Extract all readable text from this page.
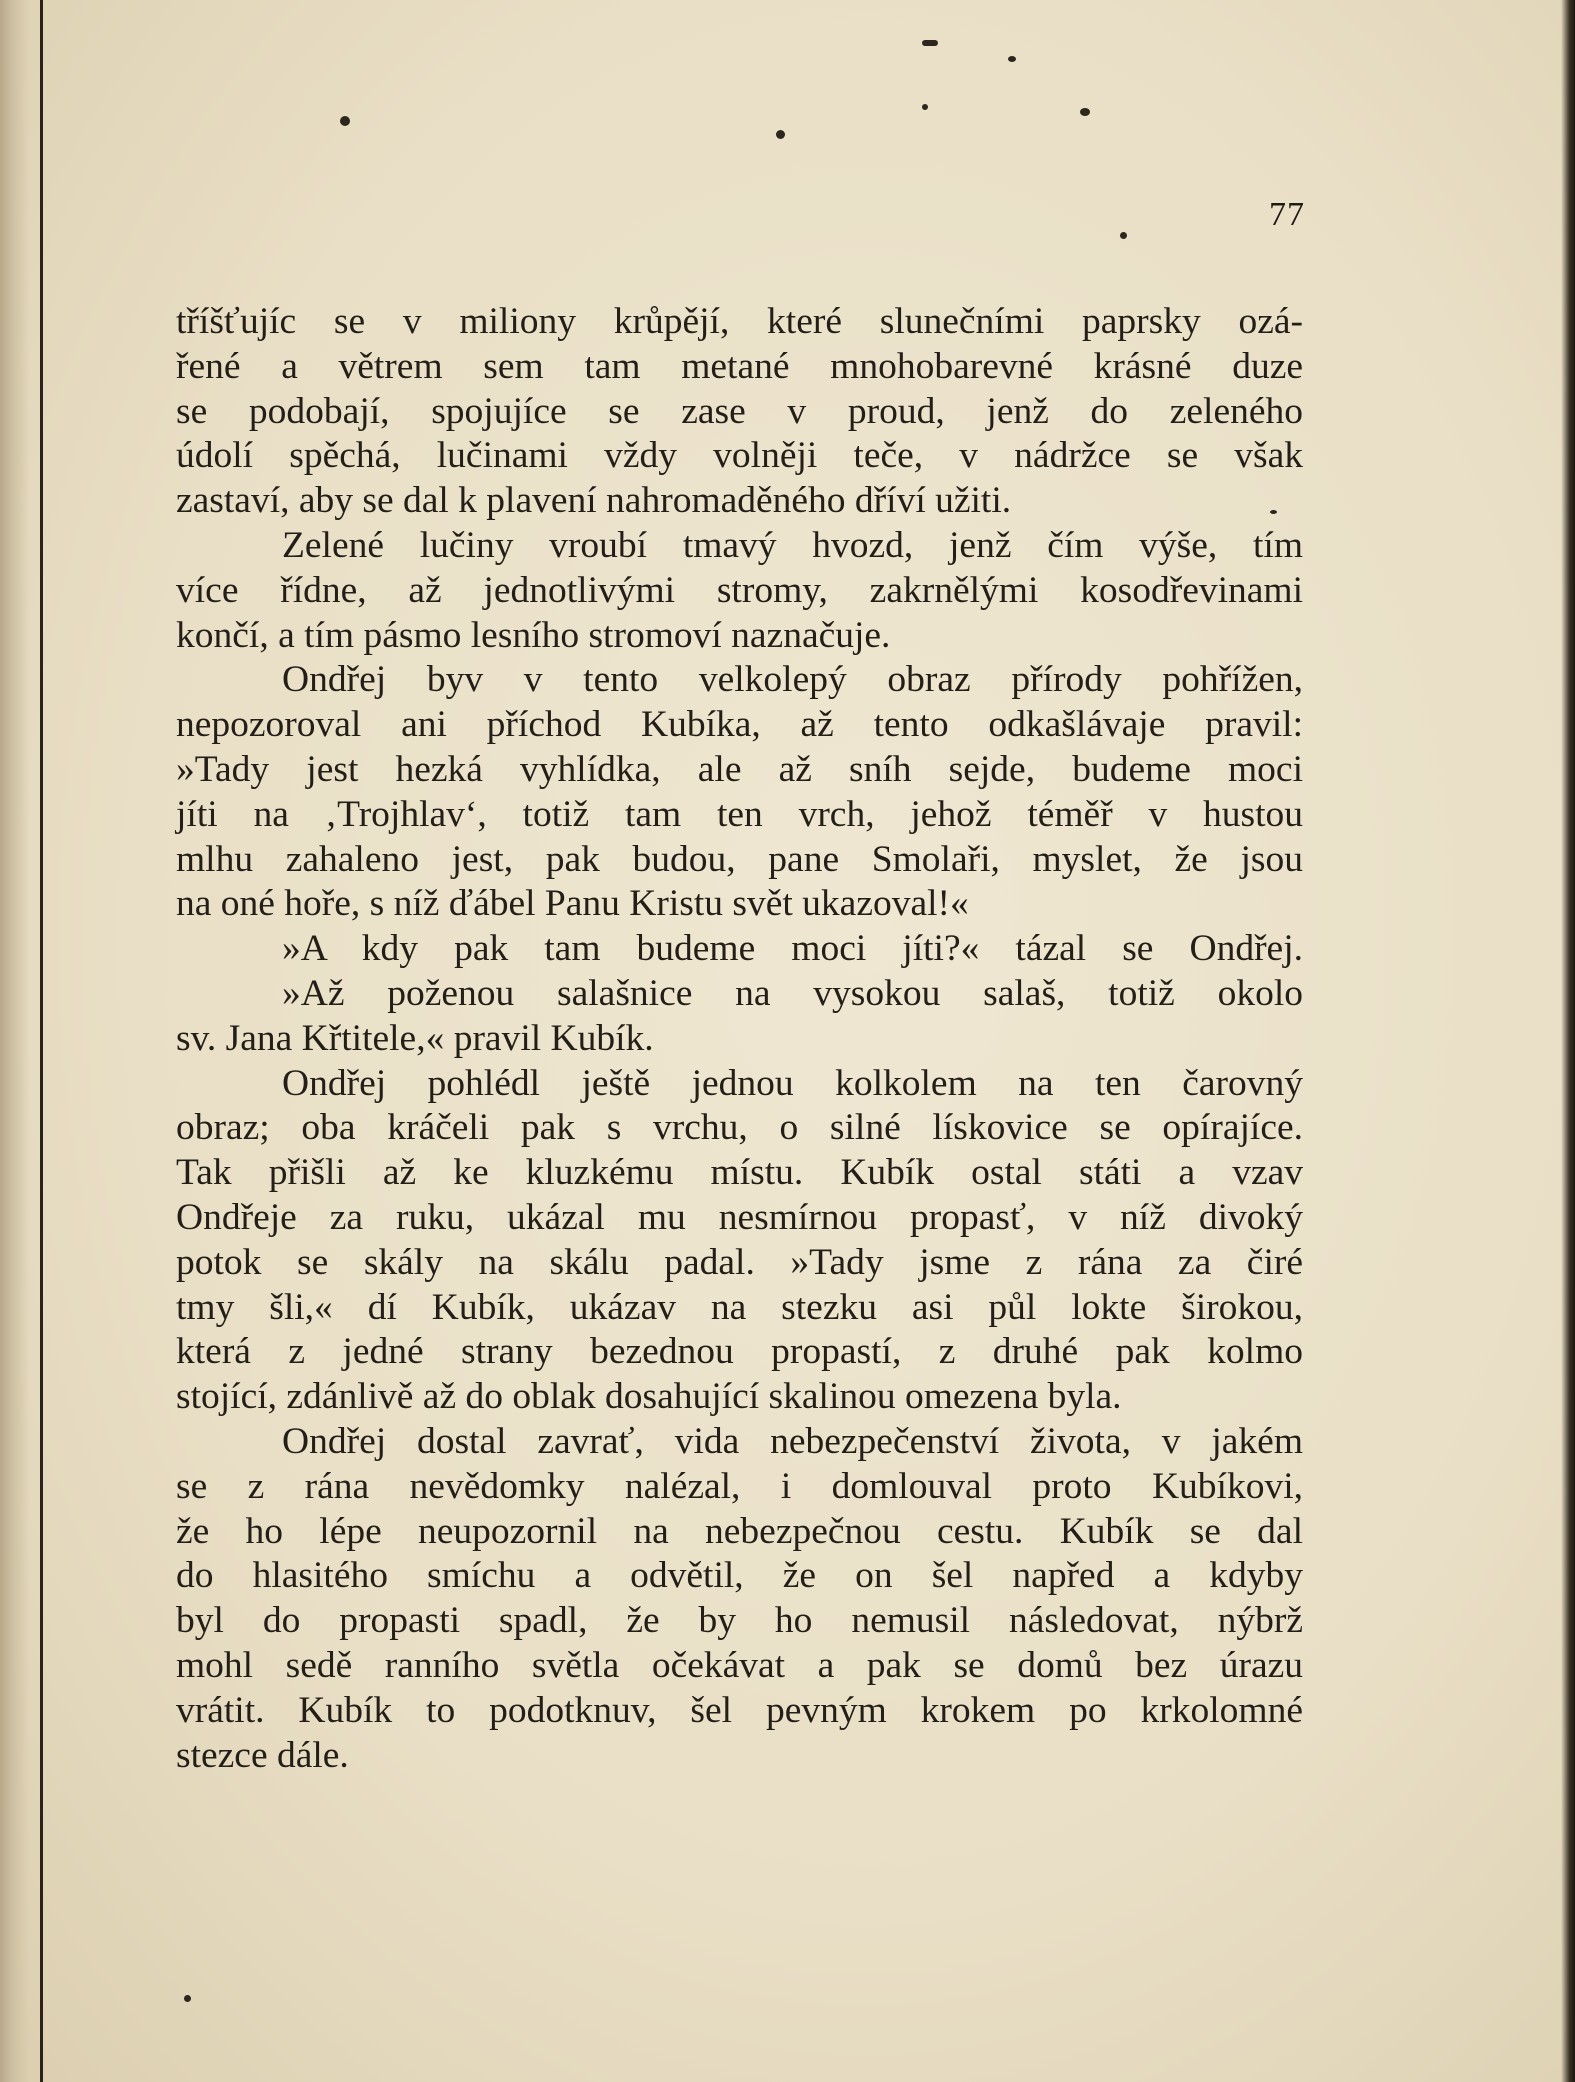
77
tříšťujíc se v miliony krůpějí, které slunečními paprsky ozá-
řené a větrem sem tam metané mnohobarevné krásné duze
se podobají, spojujíce se zase v proud, jenž do zeleného
údolí spěchá, lučinami vždy volněji teče, v nádržce se však
zastaví, aby se dal k plavení nahromaděného dříví užiti.
Zelené lučiny vroubí tmavý hvozd, jenž čím výše, tím
více řídne, až jednotlivými stromy, zakrnělými kosodřevinami
končí, a tím pásmo lesního stromoví naznačuje.
Ondřej byv v tento velkolepý obraz přírody pohřížen,
nepozoroval ani příchod Kubíka, až tento odkašlávaje pravil:
»Tady jest hezká vyhlídka, ale až sníh sejde, budeme moci
jíti na ‚Trojhlav‘, totiž tam ten vrch, jehož téměř v hustou
mlhu zahaleno jest, pak budou, pane Smolaři, myslet, že jsou
na oné hoře, s níž ďábel Panu Kristu svět ukazoval!«
»A kdy pak tam budeme moci jíti?« tázal se Ondřej.
»Až poženou salašnice na vysokou salaš, totiž okolo
sv. Jana Křtitele,« pravil Kubík.
Ondřej pohlédl ještě jednou kolkolem na ten čarovný
obraz; oba kráčeli pak s vrchu, o silné lískovice se opírajíce.
Tak přišli až ke kluzkému místu. Kubík ostal státi a vzav
Ondřeje za ruku, ukázal mu nesmírnou propasť, v níž divoký
potok se skály na skálu padal. »Tady jsme z rána za čiré
tmy šli,« dí Kubík, ukázav na stezku asi půl lokte širokou,
která z jedné strany bezednou propastí, z druhé pak kolmo
stojící, zdánlivě až do oblak dosahující skalinou omezena byla.
Ondřej dostal zavrať, vida nebezpečenství života, v jakém
se z rána nevědomky nalézal, i domlouval proto Kubíkovi,
že ho lépe neupozornil na nebezpečnou cestu. Kubík se dal
do hlasitého smíchu a odvětil, že on šel napřed a kdyby
byl do propasti spadl, že by ho nemusil následovat, nýbrž
mohl sedě ranního světla očekávat a pak se domů bez úrazu
vrátit. Kubík to podotknuv, šel pevným krokem po krkolomné
stezce dále.
